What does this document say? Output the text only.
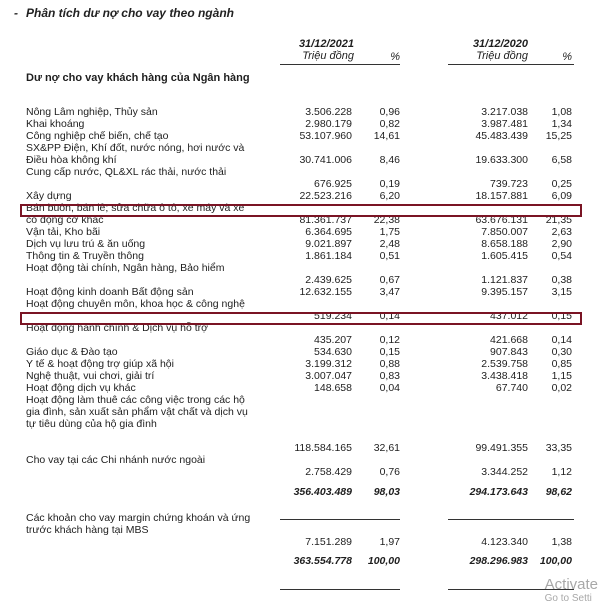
- Phân tích dư nợ cho vay theo ngành
31/12/2021
Triệu đồng	%
31/12/2020
Triệu đồng	%
Dư nợ cho vay khách hàng của Ngân hàng
Nông Lâm nghiệp, Thủy sản	3.506.228	0,96	3.217.038 1,08
Khai khoáng	2.980.179	0,82	3.987.481 1,34
Công nghiệp chế biến, chế tạo	53.107.960 14,61	45.483.439 15,25
SX&PP Điện, Khí đốt, nước nóng, hơi nước và Điều hòa không khí	30.741.006	8,46	19.633.300 6,58
Cung cấp nước, QL&XL rác thải, nước thải
676.925	0,19	739.723 0,25
Xây dựng	22.523.216	6,20	18.157.881 6,09
Bán buôn, bán lẻ; sửa chữa ô tô, xe máy và xe có động cơ khác	81.361.737 22,38	63.676.131 21,35
Vận tải, Kho bãi	6.364.695	1,75	7.850.007 2,63
Dịch vụ lưu trú & ăn uống	9.021.897	2,48	8.658.188 2,90
Thông tin & Truyền thông	1.861.184	0,51	1.605.415 0,54
Hoạt động tài chính, Ngân hàng, Bảo hiểm
2.439.625	0,67	1.121.837 0,38
Hoạt động kinh doanh Bất động sản	12.632.155	3,47	9.395.157 3,15
Hoạt động chuyên môn, khoa học & công nghệ
519.234	0,14	437.012 0,15
Hoạt động hành chính & Dịch vụ hỗ trợ
435.207	0,12	421.668 0,14
Giáo dục & Đào tạo	534.630	0,15	907.843 0,30
Y tế & hoạt động trợ giúp xã hội	3.199.312	0,88	2.539.758 0,85
Nghệ thuật, vui chơi, giải trí	3.007.047	0,83	3.438.418 1,15
Hoạt động dịch vụ khác	148.658	0,04	67.740 0,02
Hoạt động làm thuê các công việc trong các hộ gia đình, sản xuất sản phẩm vật chất và dịch vụ tự tiêu dùng của hộ gia đình
118.584.165 32,61	99.491.355 33,35
Cho vay tại các Chi nhánh nước ngoài
2.758.429	0,76	3.344.252 1,12
356.403.489 98,03	294.173.643 98,62
Các khoản cho vay margin chứng khoán và ứng trước khách hàng tại MBS
7.151.289	1,97	4.123.340 1,38
363.554.778 100,00	298.296.983 100,00
Activate
Go to Setti
